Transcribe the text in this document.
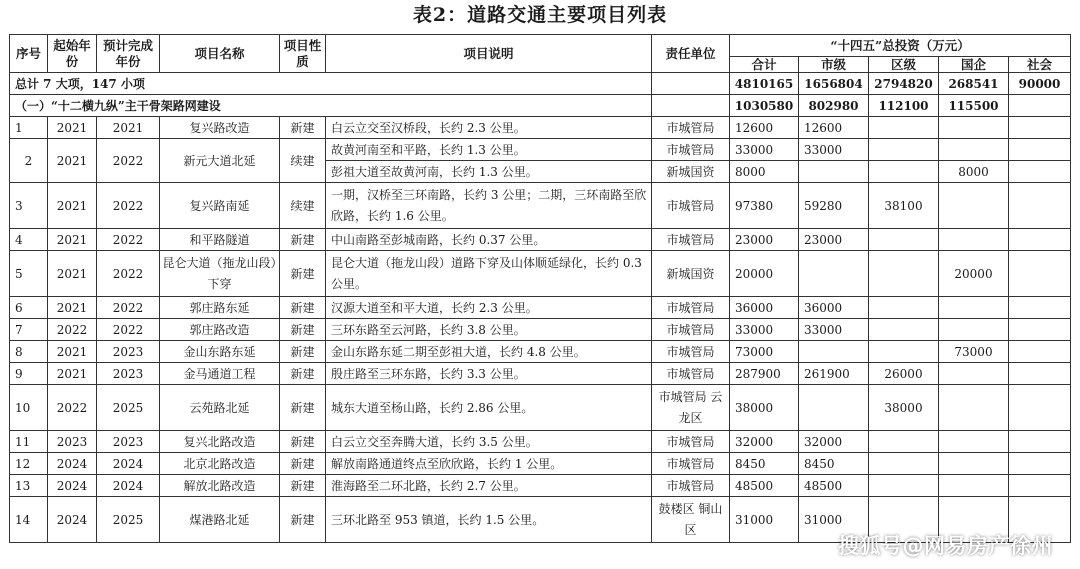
表2：道路交通主要项目列表
序号	起始年份	预计完成年份	项目名称	项目性质	项目说明	责任单位	“十四五”总投资（万元）				
							合计	市级	区级	国企	社会
总计 7 大项，147 小项							4810165	1656804	2794820	268541	90000
（一）“十二横九纵”主干骨架路网建设							1030580	802980	112100	115500	
1	2021	2021	复兴路改造	新建	白云立交至汉桥段，长约 2.3 公里。	市城管局	12600	12600			
2	2021	2022	新元大道北延	续建	故黄河南至和平路，长约 1.3 公里。	市城管局	33000	33000			
					彭祖大道至故黄河南，长约 1.3 公里。	新城国资	8000			8000	
3	2021	2022	复兴路南延	续建	一期，汉桥至三环南路，长约 3 公里；二期，三环南路至欣欣路，长约 1.6 公里。	市城管局	97380	59280	38100		
4	2021	2022	和平路隧道	新建	中山南路至彭城南路，长约 0.37 公里。	市城管局	23000	23000			
5	2021	2022	昆仑大道（拖龙山段）下穿	新建	昆仑大道（拖龙山段）道路下穿及山体顺延绿化，长约 0.3 公里。	新城国资	20000			20000	
6	2021	2022	郭庄路东延	新建	汉源大道至和平大道，长约 2.3 公里。	市城管局	36000	36000			
7	2022	2022	郭庄路改造	新建	三环东路至云河路，长约 3.8 公里。	市城管局	33000	33000			
8	2021	2023	金山东路东延	新建	金山东路东延二期至彭祖大道，长约 4.8 公里。	市城管局	73000			73000	
9	2021	2023	金马通道工程	新建	殷庄路至三环东路，长约 3.3 公里。	市城管局	287900	261900	26000		
10	2022	2025	云苑路北延	新建	城东大道至杨山路，长约 2.86 公里。	市城管局 云龙区	38000		38000		
11	2023	2023	复兴北路改造	新建	白云立交至奔腾大道，长约 3.5 公里。	市城管局	32000	32000			
12	2024	2024	北京北路改造	新建	解放南路通道终点至欣欣路，长约 1 公里。	市城管局	8450	8450			
13	2024	2024	解放北路改造	新建	淮海路至二环北路，长约 2.7 公里。	市城管局	48500	48500			
14	2024	2025	煤港路北延	新建	三环北路至 953 镇道，长约 1.5 公里。	鼓楼区 铜山区	31000	31000			
搜狐号@网易房产徐州
